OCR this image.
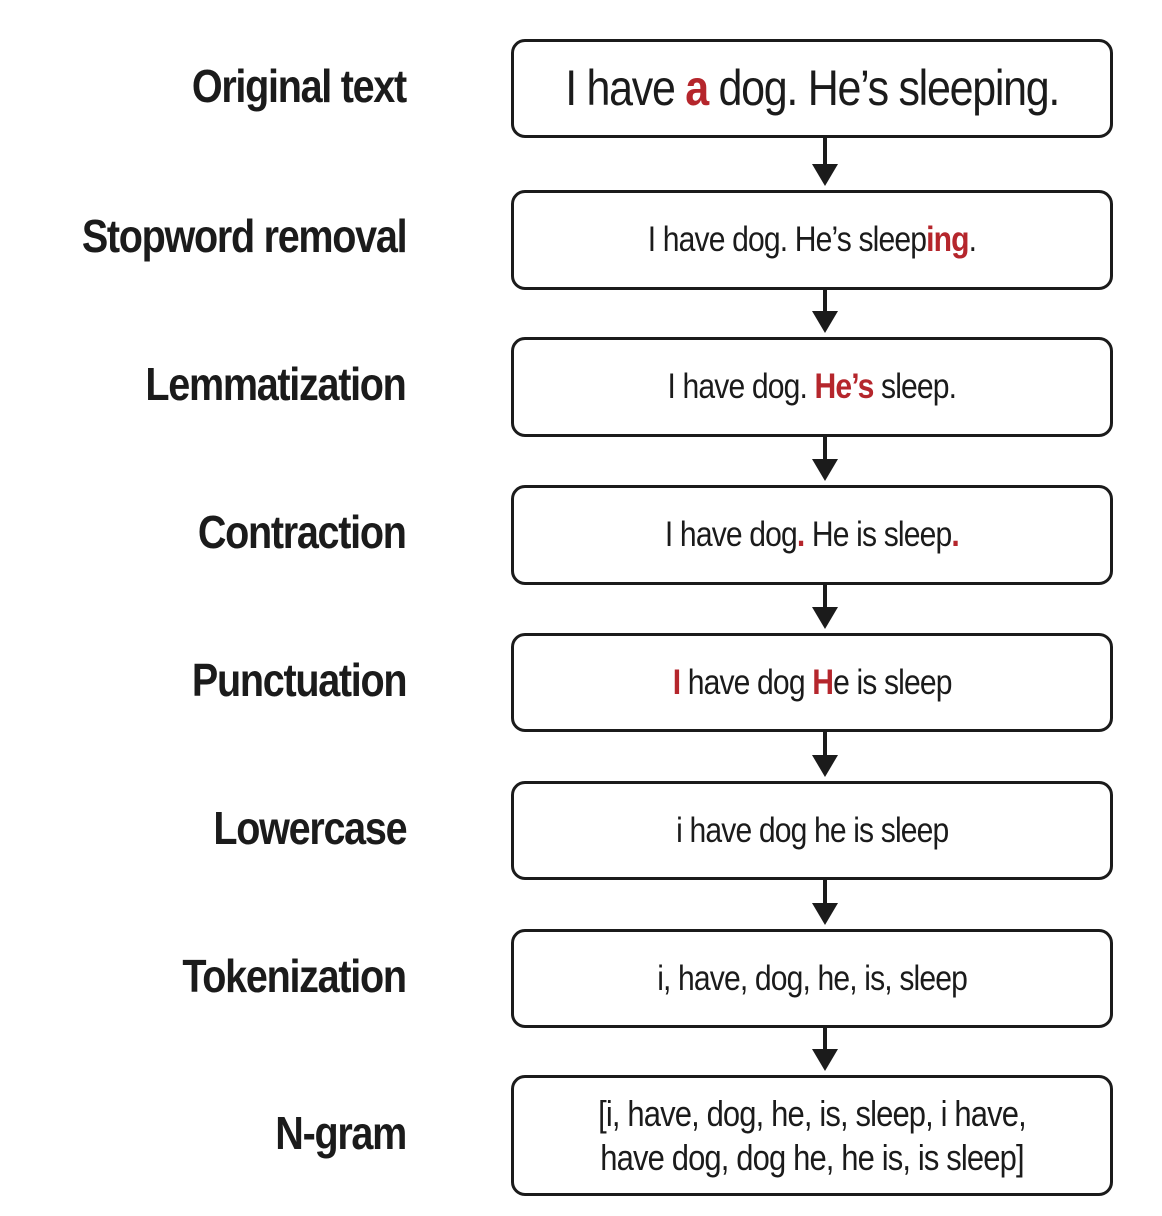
Original text
Stopword removal
Lemmatization
Contraction
Punctuation
Lowercase
Tokenization
N-gram
I have a dog. He’s sleeping.
I have dog. He’s sleeping.
I have dog. He’s sleep.
I have dog. He is sleep.
I have dog He is sleep
i have dog he is sleep
i, have, dog, he, is, sleep
[i, have, dog, he, is, sleep, i have, have dog, dog he, he is, is sleep]
